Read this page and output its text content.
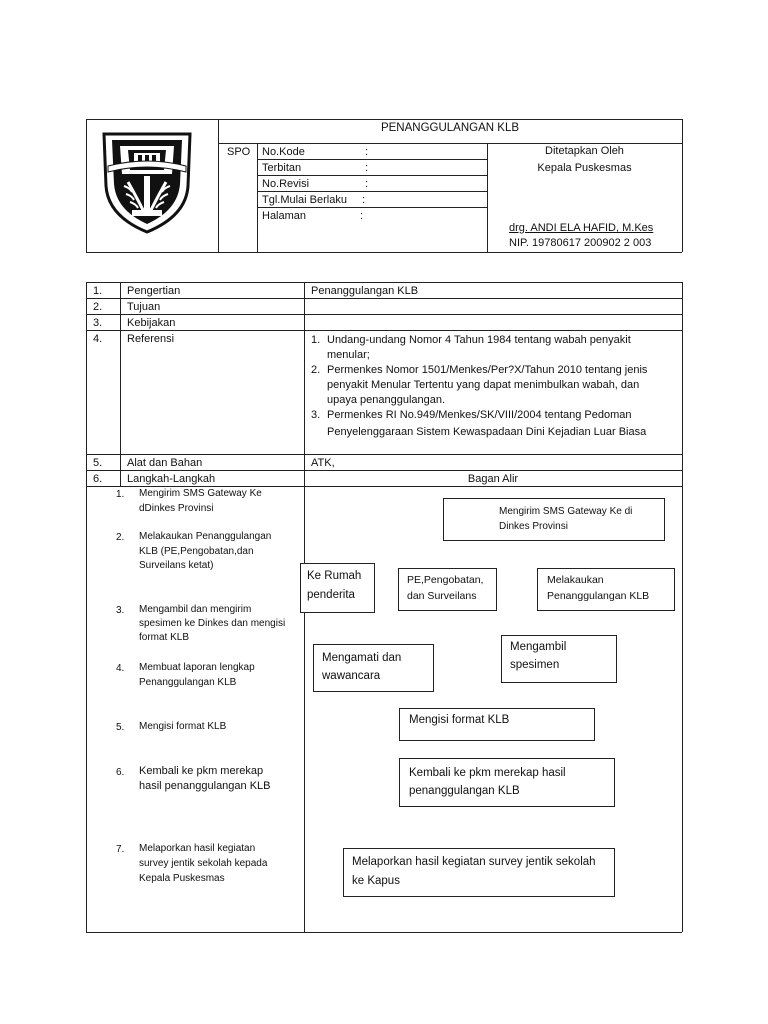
PENANGGULANGAN KLB
SPO No.Kode	:
Terbitan	:
No.Revisi	:
Tgl.Mulai Berlaku :
Halaman	:
Ditetapkan Oleh
Kepala Puskesmas
drg. ANDI ELA HAFID, M.Kes
NIP. 19780617 200902 2 003
1. Pengertian	Penanggulangan KLB
2. Tujuan
3. Kebijakan
4. Referensi	1. Undang-undang Nomor 4 Tahun 1984 tentang wabah penyakit
menular;
2. Permenkes Nomor 1501/Menkes/Per?X/Tahun 2010 tentang jenis
penyakit Menular Tertentu yang dapat menimbulkan wabah, dan
upaya penanggulangan.
3. Permenkes RI No.949/Menkes/SK/VIII/2004 tentang Pedoman
Penyelenggaraan Sistem Kewaspadaan Dini Kejadian Luar Biasa
5. Alat dan Bahan	ATK,
6. Langkah-Langkah	Bagan Alir
1. Mengirim SMS Gateway Ke
dDinkes Provinsi
2. Melakaukan Penanggulangan
KLB (PE,Pengobatan,dan
Surveilans ketat)
3. Mengambil dan mengirim
spesimen ke Dinkes dan mengisi
format KLB
4. Membuat laporan lengkap
Penanggulangan KLB
5. Mengisi format KLB
6. Kembali ke pkm merekap
hasil penanggulangan KLB
7. Melaporkan hasil kegiatan
survey jentik sekolah kepada
Kepala Puskesmas
Mengirim SMS Gateway Ke di
Dinkes Provinsi
Ke Rumah
penderita
PE,Pengobatan,
dan Surveilans
Melakaukan
Penanggulangan KLB
Mengambil
spesimen
Mengamati dan
wawancara
Mengisi format KLB
Kembali ke pkm merekap hasil
penanggulangan KLB
Melaporkan hasil kegiatan survey jentik sekolah
ke Kapus
